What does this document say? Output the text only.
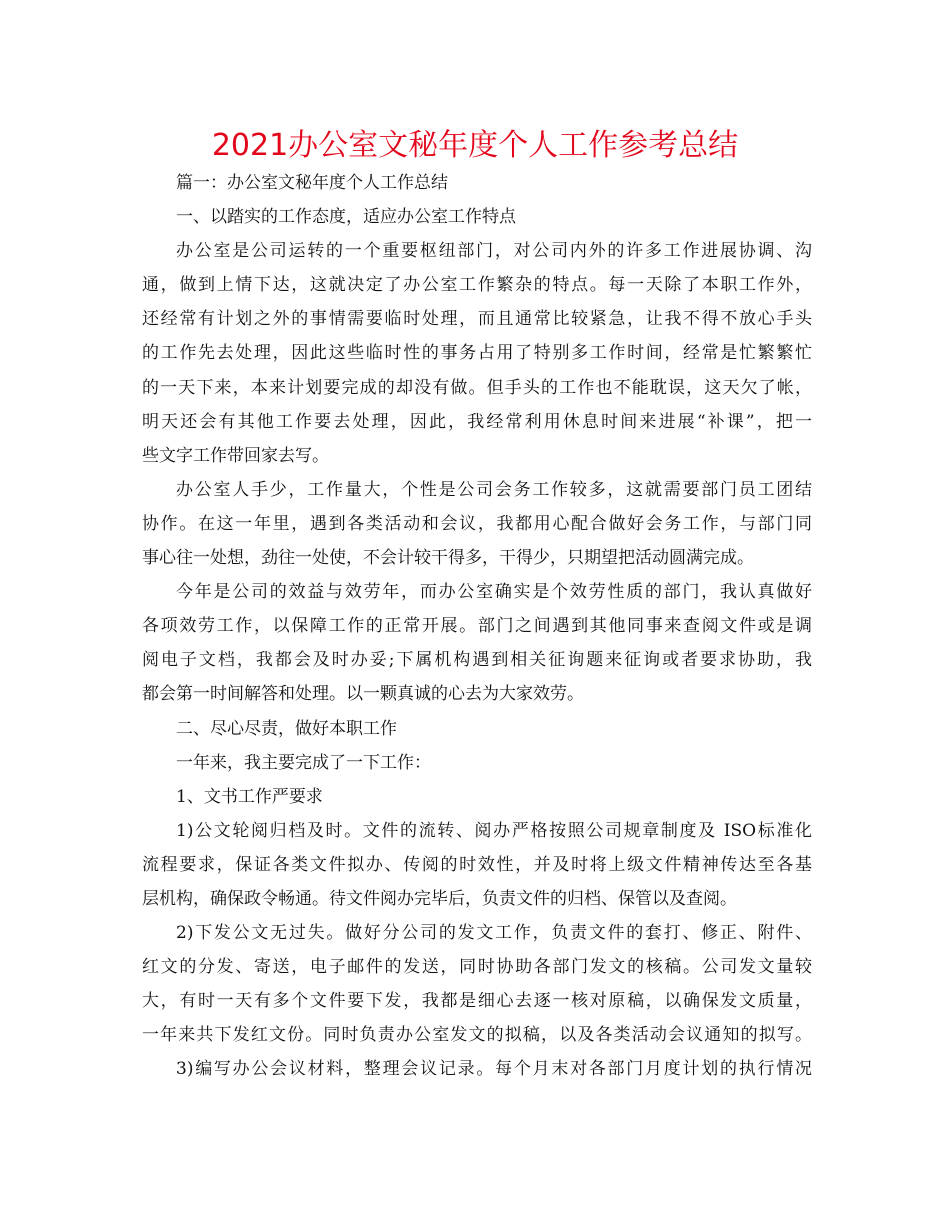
2021办公室文秘年度个人工作参考总结
篇一：办公室文秘年度个人工作总结
一、以踏实的工作态度，适应办公室工作特点
办公室是公司运转的一个重要枢纽部门，对公司内外的许多工作进展协调、沟
通，做到上情下达，这就决定了办公室工作繁杂的特点。每一天除了本职工作外，
还经常有计划之外的事情需要临时处理，而且通常比较紧急，让我不得不放心手头
的工作先去处理，因此这些临时性的事务占用了特别多工作时间，经常是忙繁繁忙
的一天下来，本来计划要完成的却没有做。但手头的工作也不能耽误，这天欠了帐，
明天还会有其他工作要去处理，因此，我经常利用休息时间来进展“补课”，把一
些文字工作带回家去写。
办公室人手少，工作量大，个性是公司会务工作较多，这就需要部门员工团结
协作。在这一年里，遇到各类活动和会议，我都用心配合做好会务工作，与部门同
事心往一处想，劲往一处使，不会计较干得多，干得少，只期望把活动圆满完成。
今年是公司的效益与效劳年，而办公室确实是个效劳性质的部门，我认真做好
各项效劳工作，以保障工作的正常开展。部门之间遇到其他同事来查阅文件或是调
阅电子文档，我都会及时办妥;下属机构遇到相关征询题来征询或者要求协助，我
都会第一时间解答和处理。以一颗真诚的心去为大家效劳。
二、尽心尽责，做好本职工作
一年来，我主要完成了一下工作：
1、文书工作严要求
1)公文轮阅归档及时。文件的流转、阅办严格按照公司规章制度及 ISO标准化
流程要求，保证各类文件拟办、传阅的时效性，并及时将上级文件精神传达至各基
层机构，确保政令畅通。待文件阅办完毕后，负责文件的归档、保管以及查阅。
2)下发公文无过失。做好分公司的发文工作，负责文件的套打、修正、附件、
红文的分发、寄送，电子邮件的发送，同时协助各部门发文的核稿。公司发文量较
大，有时一天有多个文件要下发，我都是细心去逐一核对原稿，以确保发文质量，
一年来共下发红文份。同时负责办公室发文的拟稿，以及各类活动会议通知的拟写。
3)编写办公会议材料，整理会议记录。每个月末对各部门月度计划的执行情况
